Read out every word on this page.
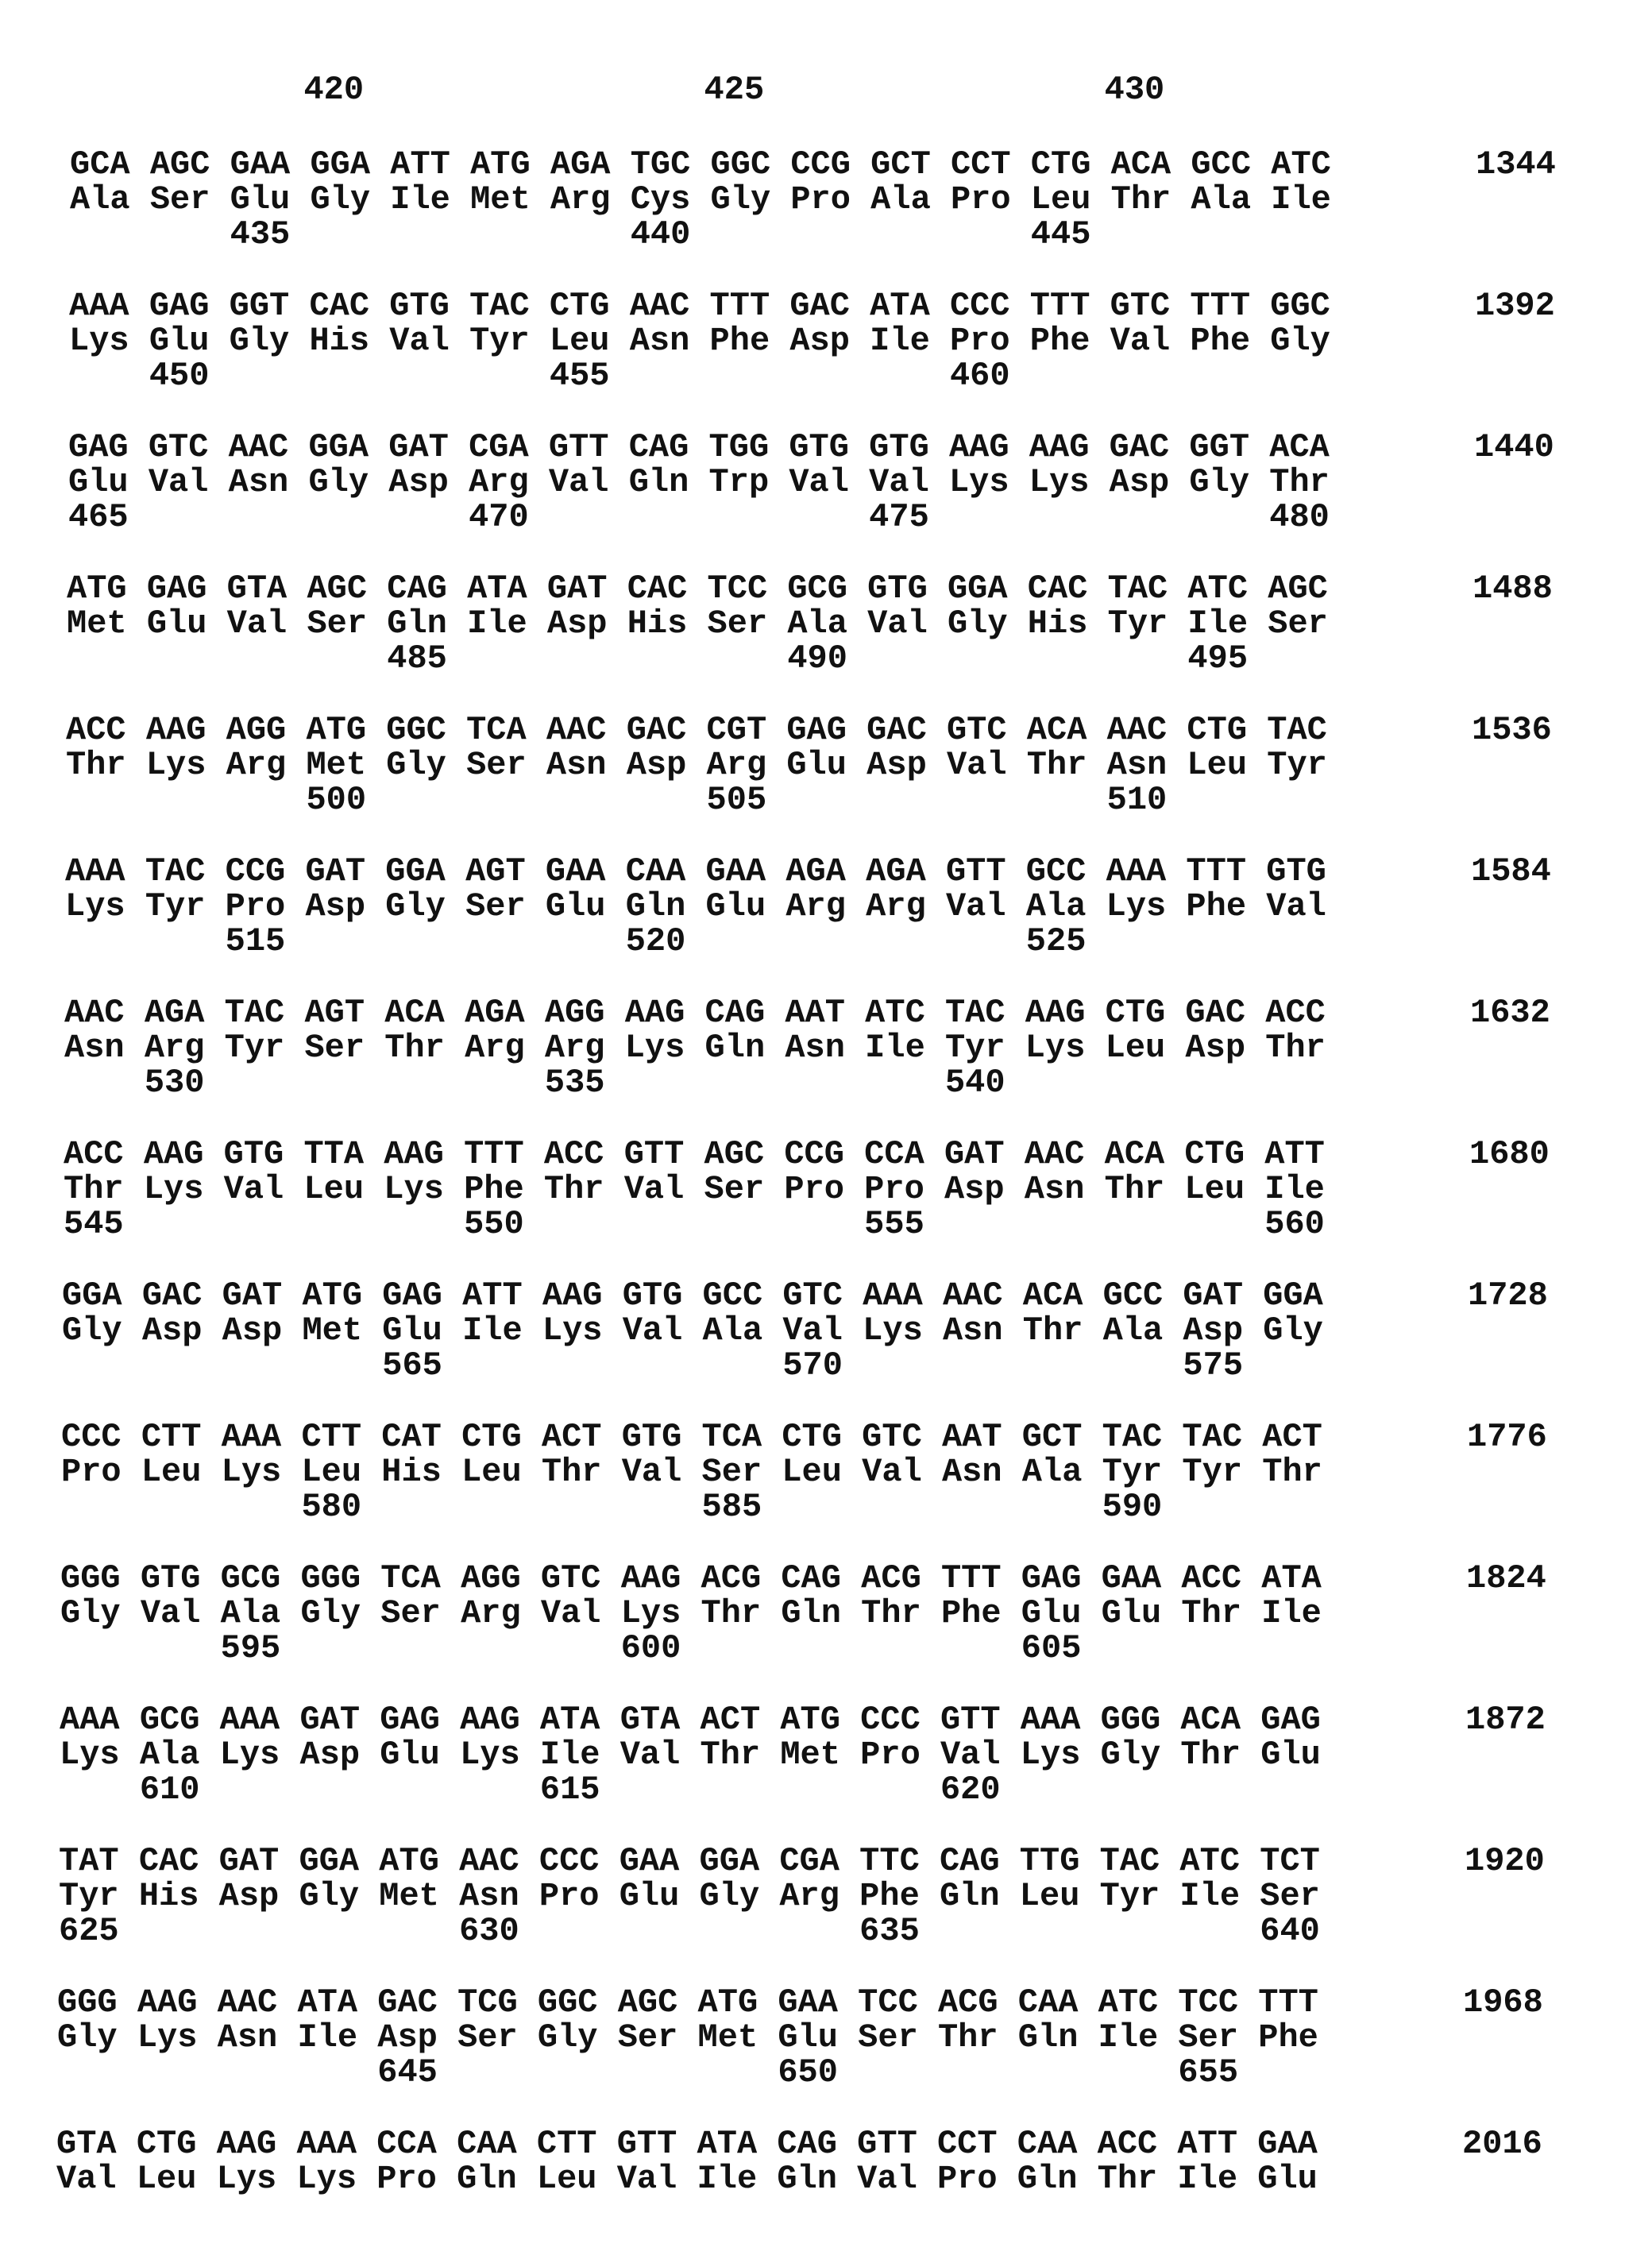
420                 425                 430
GCA AGC GAA GGA ATT ATG AGA TGC GGC CCG GCT CCT CTG ACA GCC ATC
Ala Ser Glu Gly Ile Met Arg Cys Gly Pro Ala Pro Leu Thr Ala Ile
435                 440                 445
1344
AAA GAG GGT CAC GTG TAC CTG AAC TTT GAC ATA CCC TTT GTC TTT GGC
Lys Glu Gly His Val Tyr Leu Asn Phe Asp Ile Pro Phe Val Phe Gly
450                 455                 460
1392
GAG GTC AAC GGA GAT CGA GTT CAG TGG GTG GTG AAG AAG GAC GGT ACA
Glu Val Asn Gly Asp Arg Val Gln Trp Val Val Lys Lys Asp Gly Thr
465                 470                 475                 480
1440
ATG GAG GTA AGC CAG ATA GAT CAC TCC GCG GTG GGA CAC TAC ATC AGC
Met Glu Val Ser Gln Ile Asp His Ser Ala Val Gly His Tyr Ile Ser
485                 490                 495
1488
ACC AAG AGG ATG GGC TCA AAC GAC CGT GAG GAC GTC ACA AAC CTG TAC
Thr Lys Arg Met Gly Ser Asn Asp Arg Glu Asp Val Thr Asn Leu Tyr
500                 505                 510
1536
AAA TAC CCG GAT GGA AGT GAA CAA GAA AGA AGA GTT GCC AAA TTT GTG
Lys Tyr Pro Asp Gly Ser Glu Gln Glu Arg Arg Val Ala Lys Phe Val
515                 520                 525
1584
AAC AGA TAC AGT ACA AGA AGG AAG CAG AAT ATC TAC AAG CTG GAC ACC
Asn Arg Tyr Ser Thr Arg Arg Lys Gln Asn Ile Tyr Lys Leu Asp Thr
530                 535                 540
1632
ACC AAG GTG TTA AAG TTT ACC GTT AGC CCG CCA GAT AAC ACA CTG ATT
Thr Lys Val Leu Lys Phe Thr Val Ser Pro Pro Asp Asn Thr Leu Ile
545                 550                 555                 560
1680
GGA GAC GAT ATG GAG ATT AAG GTG GCC GTC AAA AAC ACA GCC GAT GGA
Gly Asp Asp Met Glu Ile Lys Val Ala Val Lys Asn Thr Ala Asp Gly
565                 570                 575
1728
CCC CTT AAA CTT CAT CTG ACT GTG TCA CTG GTC AAT GCT TAC TAC ACT
Pro Leu Lys Leu His Leu Thr Val Ser Leu Val Asn Ala Tyr Tyr Thr
580                 585                 590
1776
GGG GTG GCG GGG TCA AGG GTC AAG ACG CAG ACG TTT GAG GAA ACC ATA
Gly Val Ala Gly Ser Arg Val Lys Thr Gln Thr Phe Glu Glu Thr Ile
595                 600                 605
1824
AAA GCG AAA GAT GAG AAG ATA GTA ACT ATG CCC GTT AAA GGG ACA GAG
Lys Ala Lys Asp Glu Lys Ile Val Thr Met Pro Val Lys Gly Thr Glu
610                 615                 620
1872
TAT CAC GAT GGA ATG AAC CCC GAA GGA CGA TTC CAG TTG TAC ATC TCT
Tyr His Asp Gly Met Asn Pro Glu Gly Arg Phe Gln Leu Tyr Ile Ser
625                 630                 635                 640
1920
GGG AAG AAC ATA GAC TCG GGC AGC ATG GAA TCC ACG CAA ATC TCC TTT
Gly Lys Asn Ile Asp Ser Gly Ser Met Glu Ser Thr Gln Ile Ser Phe
645                 650                 655
1968
GTA CTG AAG AAA CCA CAA CTT GTT ATA CAG GTT CCT CAA ACC ATT GAA
Val Leu Lys Lys Pro Gln Leu Val Ile Gln Val Pro Gln Thr Ile Glu
2016
